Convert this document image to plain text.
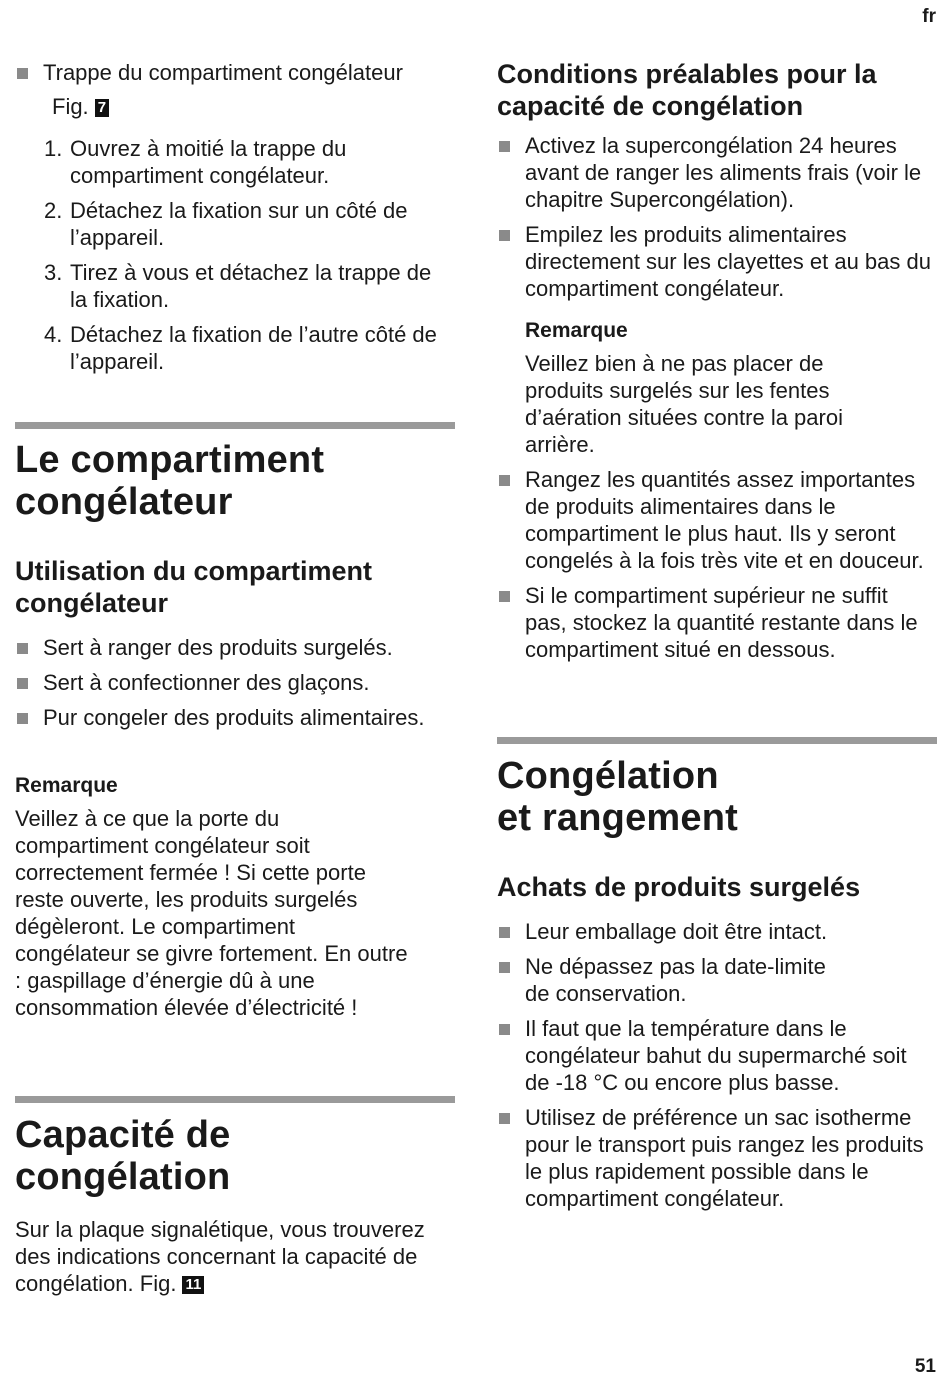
fr
Trappe du compartiment congélateur
Fig. 7
1. Ouvrez à moitié la trappe du compartiment congélateur.
2. Détachez la fixation sur un côté de l’appareil.
3. Tirez à vous et détachez la trappe de la fixation.
4. Détachez la fixation de l’autre côté de l’appareil.
Le compartiment
congélateur
Utilisation du compartiment congélateur
Sert à ranger des produits surgelés.
Sert à confectionner des glaçons.
Pur congeler des produits alimentaires.
Remarque
Veillez à ce que la porte du compartiment congélateur soit correctement fermée ! Si cette porte reste ouverte, les produits surgelés dégèleront. Le compartiment congélateur se givre fortement. En outre : gaspillage d’énergie dû à une consommation élevée d’électricité !
Capacité de
congélation
Sur la plaque signalétique, vous trouverez des indications concernant la capacité de congélation. Fig. 11
Conditions préalables pour la capacité de congélation
Activez la supercongélation 24 heures avant de ranger les aliments frais (voir le chapitre Supercongélation).
Empilez les produits alimentaires directement sur les clayettes et au bas du compartiment congélateur.
Remarque
Veillez bien à ne pas placer de produits surgelés sur les fentes d’aération situées contre la paroi arrière.
Rangez les quantités assez importantes de produits alimentaires dans le compartiment le plus haut. Ils y seront congelés à la fois très vite et en douceur.
Si le compartiment supérieur ne suffit pas, stockez la quantité restante dans le compartiment situé en dessous.
Congélation
et rangement
Achats de produits surgelés
Leur emballage doit être intact.
Ne dépassez pas la date-limite de conservation.
Il faut que la température dans le congélateur bahut du supermarché soit de -18 °C ou encore plus basse.
Utilisez de préférence un sac isotherme pour le transport puis rangez les produits le plus rapidement possible dans le compartiment congélateur.
51
